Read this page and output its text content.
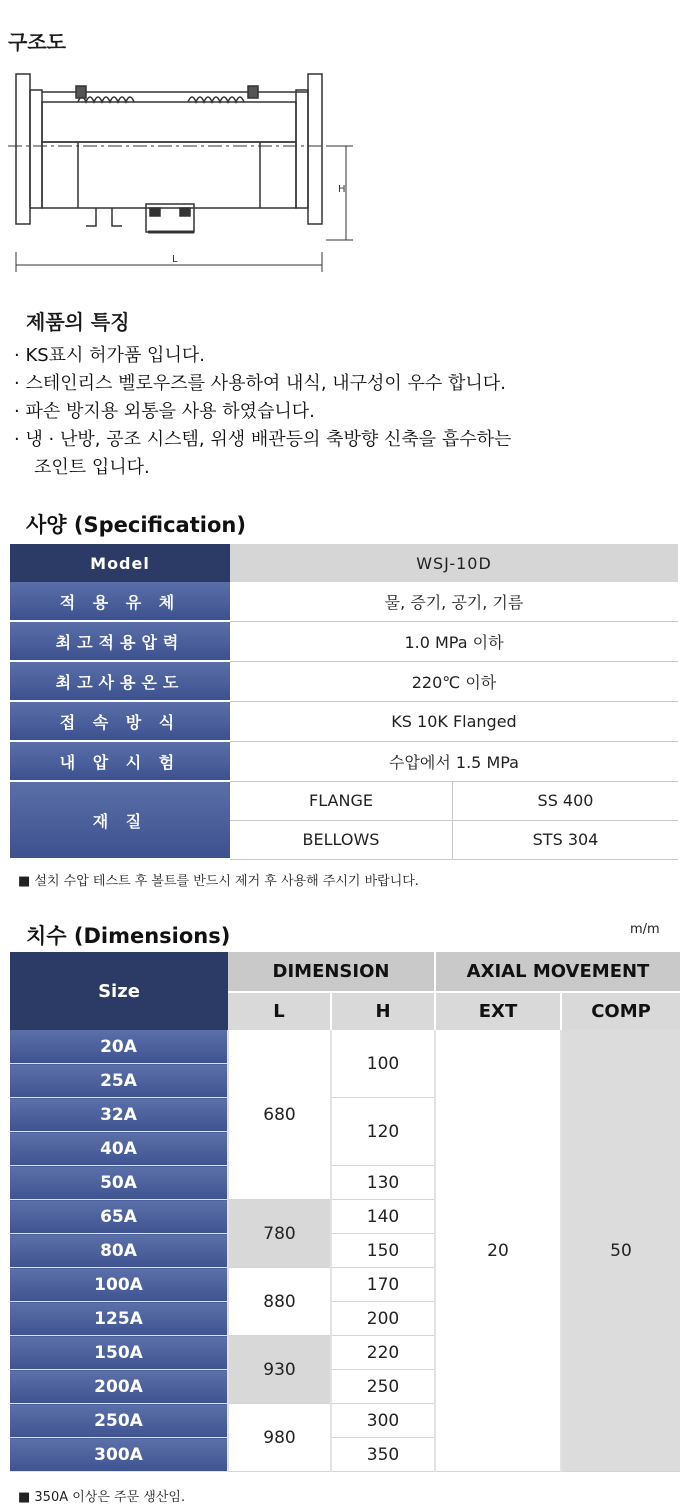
구조도
H
L
제품의 특징
· KS표시 허가품 입니다.
· 스테인리스 벨로우즈를 사용하여 내식, 내구성이 우수 합니다.
· 파손 방지용 외통을 사용 하였습니다.
· 냉 · 난방, 공조 시스템, 위생 배관등의 축방향 신축을 흡수하는
조인트 입니다.
사양 (Specification)
Model	WSJ-10D	
적 용 유 체	물, 증기, 공기, 기름	
최고적용압력	1.0 MPa 이하	
최고사용온도	220℃ 이하	
접 속 방 식	KS 10K Flanged	
내 압 시 험	수압에서 1.5 MPa	
재 질	FLANGE	SS 400
	BELLOWS	STS 304
■ 설치 수압 테스트 후 볼트를 반드시 제거 후 사용해 주시기 바랍니다.
치수 (Dimensions)	m/m
Size	DIMENSION		AXIAL MOVEMENT	
	L	H	EXT	COMP
20A	680	100	20	50
25A				
32A		120		
40A				
50A		130		
65A	780	140		
80A		150		
100A	880	170		
125A		200		
150A	930	220		
200A		250		
250A	980	300		
300A		350		
■ 350A 이상은 주문 생산임.
